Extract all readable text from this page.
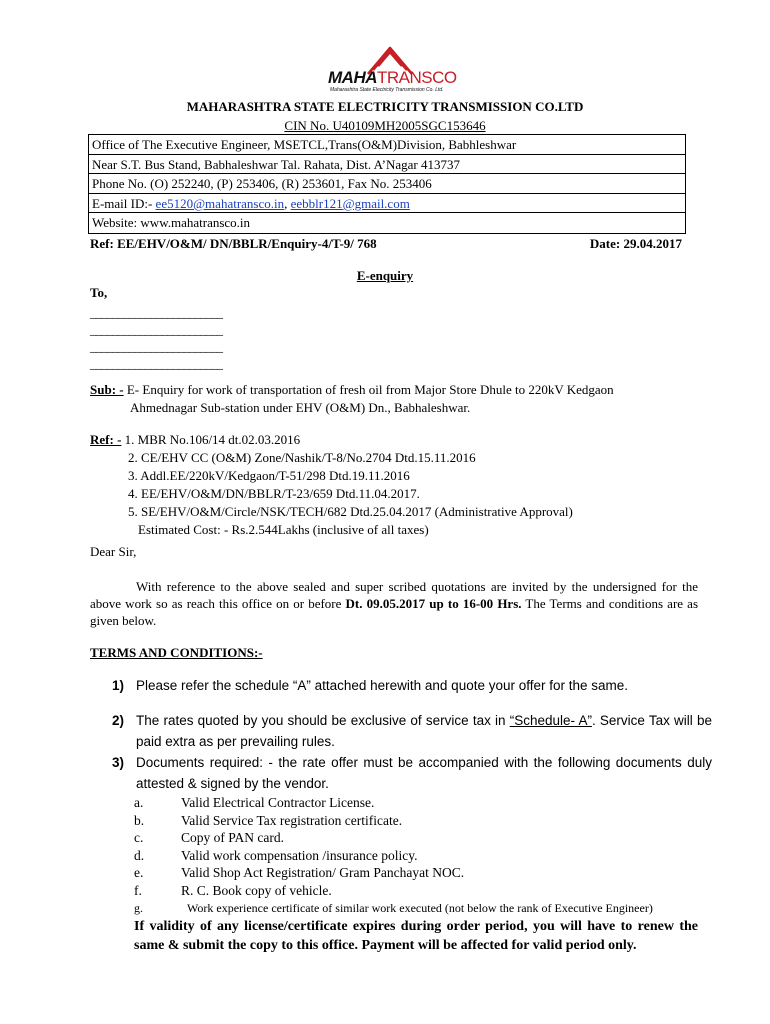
MAHATRANSCO
Maharashtra State Electricity Transmission Co. Ltd.
MAHARASHTRA STATE ELECTRICITY TRANSMISSION CO.LTD
CIN No. U40109MH2005SGC153646
Office of The Executive Engineer, MSETCL,Trans(O&M)Division, Babhleshwar
Near S.T. Bus Stand, Babhaleshwar Tal. Rahata, Dist. A’Nagar 413737
Phone No. (O) 252240, (P) 253406, (R) 253601, Fax No. 253406
E-mail ID:- ee5120@mahatransco.in, eebblr121@gmail.com
Website: www.mahatransco.in
Ref: EE/EHV/O&M/ DN/BBLR/Enquiry-4/T-9/ 768	Date: 29.04.2017
E-enquiry
To,
________________________
________________________
________________________
________________________
Sub: - E- Enquiry for work of transportation of fresh oil from Major Store Dhule to 220kV Kedgaon
Ahmednagar Sub-station under EHV (O&M) Dn., Babhaleshwar.
Ref: - 1. MBR No.106/14 dt.02.03.2016
2. CE/EHV CC (O&M) Zone/Nashik/T-8/No.2704 Dtd.15.11.2016
3. Addl.EE/220kV/Kedgaon/T-51/298 Dtd.19.11.2016
4. EE/EHV/O&M/DN/BBLR/T-23/659 Dtd.11.04.2017.
5. SE/EHV/O&M/Circle/NSK/TECH/682 Dtd.25.04.2017 (Administrative Approval)
Estimated Cost: - Rs.2.544Lakhs (inclusive of all taxes)
Dear Sir,
With reference to the above sealed and super scribed quotations are invited by the undersigned for the above work so as reach this office on or before Dt. 09.05.2017 up to 16-00 Hrs. The Terms and conditions are as given below.
TERMS AND CONDITIONS:-
1) Please refer the schedule “A” attached herewith and quote your offer for the same.
2) The rates quoted by you should be exclusive of service tax in “Schedule- A”. Service Tax will be paid extra as per prevailing rules.
3) Documents required: - the rate offer must be accompanied with the following documents duly attested & signed by the vendor.
a.	Valid Electrical Contractor License.
b.	Valid Service Tax registration certificate.
c.	Copy of PAN card.
d.	Valid work compensation /insurance policy.
e.	Valid Shop Act Registration/ Gram Panchayat NOC.
f.	R. C. Book copy of vehicle.
g.	Work experience certificate of similar work executed (not below the rank of Executive Engineer)
If validity of any license/certificate expires during order period, you will have to renew the same & submit the copy to this office. Payment will be affected for valid period only.
